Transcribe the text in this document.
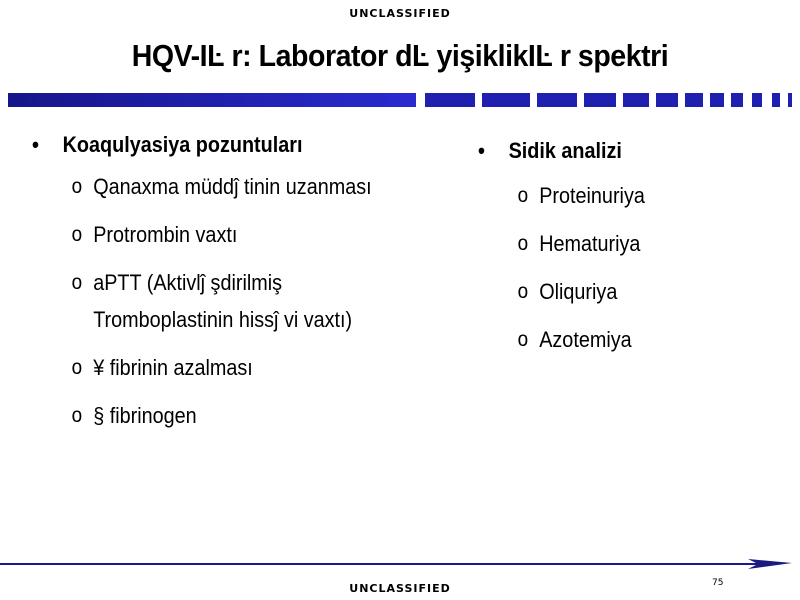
UNCLASSIFIED
HQV-IĿ r: Laborator dĿ yişiklikIĿ r spektri
• Koaqulyasiya pozuntuları
o Qanaxma müddĵ tinin uzanması
o Protrombin vaxtı
o aPTT (Aktivlĵ şdirilmiş
Tromboplastinin hissĵ vi vaxtı)
o ¥ fibrinin azalması
o § fibrinogen
• Sidik analizi
o Proteinuriya
o Hematuriya
o Oliquriya
o Azotemiya
75
UNCLASSIFIED
